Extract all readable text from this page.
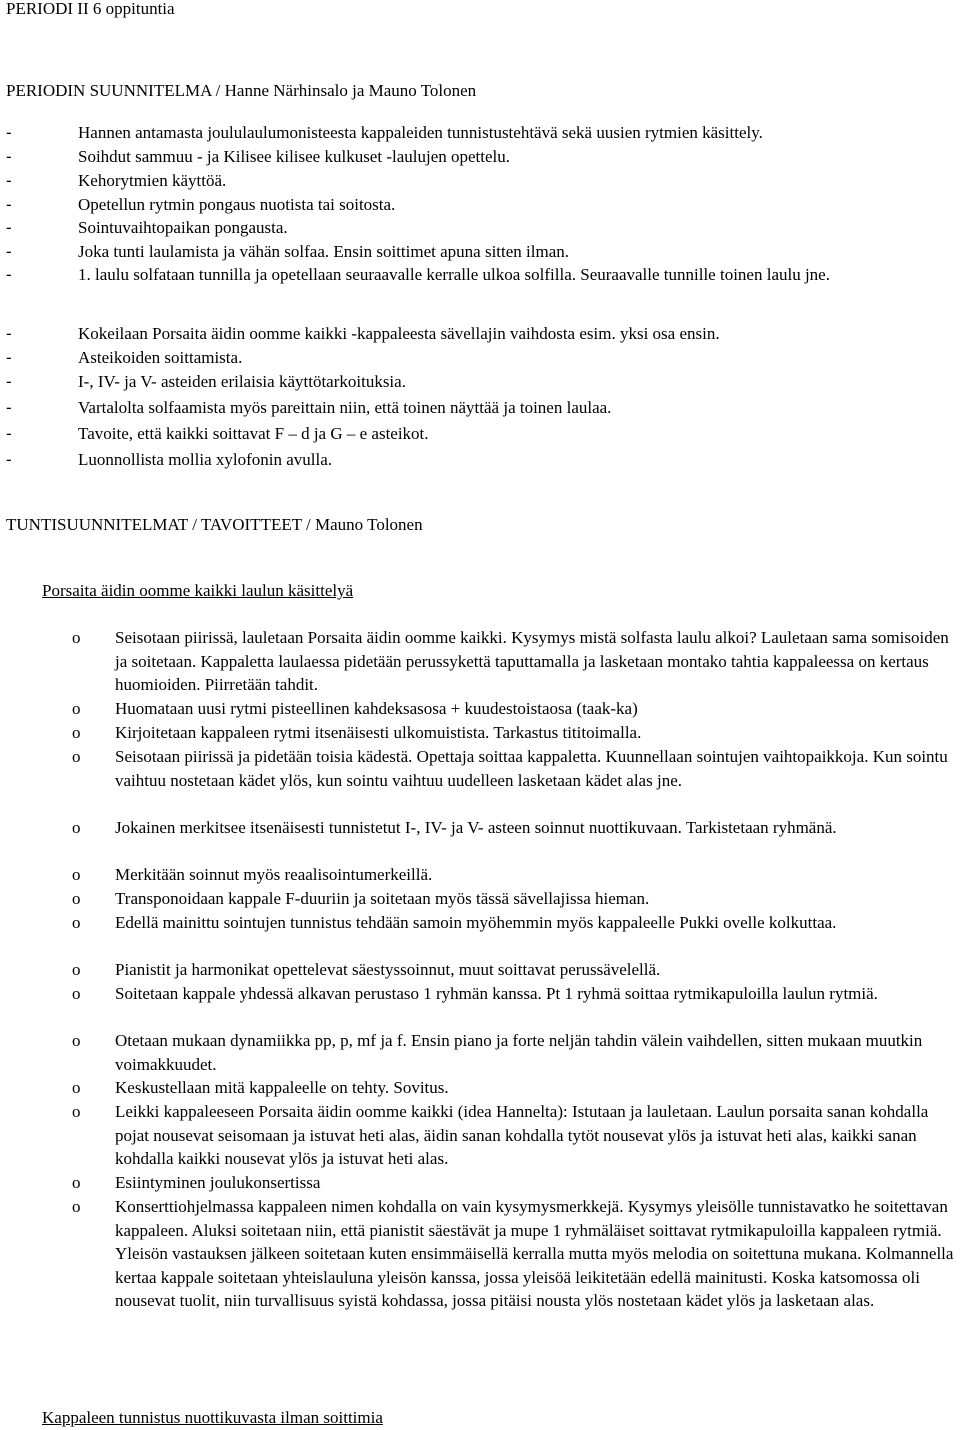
PERIODI II 6 oppituntia
PERIODIN SUUNNITELMA / Hanne Närhinsalo ja Mauno Tolonen
-	Hannen antamasta joululaulumonisteesta kappaleiden tunnistustehtävä sekä uusien rytmien käsittely.
-	Soihdut sammuu - ja Kilisee kilisee kulkuset -laulujen opettelu.
-	Kehorytmien käyttöä.
-	Opetellun rytmin pongaus nuotista tai soitosta.
-	Sointuvaihtopaikan pongausta.
-	Joka tunti laulamista ja vähän solfaa. Ensin soittimet apuna sitten ilman.
-	1. laulu solfataan tunnilla ja opetellaan seuraavalle kerralle ulkoa solfilla. Seuraavalle tunnille toinen laulu jne.
-	Kokeilaan Porsaita äidin oomme kaikki -kappaleesta sävellajin vaihdosta esim. yksi osa ensin.
-	Asteikoiden soittamista.
-	I-, IV- ja V- asteiden erilaisia käyttötarkoituksia.
-	Vartalolta solfaamista myös pareittain niin, että toinen näyttää ja toinen laulaa.
-	Tavoite, että kaikki soittavat F – d ja G – e asteikot.
-	Luonnollista mollia xylofonin avulla.
TUNTISUUNNITELMAT / TAVOITTEET / Mauno Tolonen
Porsaita äidin oomme kaikki laulun käsittelyä
o Seisotaan piirissä, lauletaan Porsaita äidin oomme kaikki. Kysymys mistä solfasta laulu alkoi? Lauletaan sama somisoiden ja soitetaan. Kappaletta laulaessa pidetään perussykettä taputtamalla ja lasketaan montako tahtia kappaleessa on kertaus huomioiden. Piirretään tahdit.
o Huomataan uusi rytmi pisteellinen kahdeksasosa + kuudestoistaosa (taak-ka)
o Kirjoitetaan kappaleen rytmi itsenäisesti ulkomuistista. Tarkastus tititoimalla.
o Seisotaan piirissä ja pidetään toisia kädestä. Opettaja soittaa kappaletta. Kuunnellaan sointujen vaihtopaikkoja. Kun sointu vaihtuu nostetaan kädet ylös, kun sointu vaihtuu uudelleen lasketaan kädet alas jne.
o Jokainen merkitsee itsenäisesti tunnistetut I-, IV- ja V- asteen soinnut nuottikuvaan. Tarkistetaan ryhmänä.
o Merkitään soinnut myös reaalisointumerkeillä.
o Transponoidaan kappale F-duuriin ja soitetaan myös tässä sävellajissa hieman.
o Edellä mainittu sointujen tunnistus tehdään samoin myöhemmin myös kappaleelle Pukki ovelle kolkuttaa.
o Pianistit ja harmonikat opettelevat säestyssoinnut, muut soittavat perussävelellä.
o Soitetaan kappale yhdessä alkavan perustaso 1 ryhmän kanssa. Pt 1 ryhmä soittaa rytmikapuloilla laulun rytmiä.
o Otetaan mukaan dynamiikka pp, p, mf ja f. Ensin piano ja forte neljän tahdin välein vaihdellen, sitten mukaan muutkin voimakkuudet.
o Keskustellaan mitä kappaleelle on tehty. Sovitus.
o Leikki kappaleeseen Porsaita äidin oomme kaikki (idea Hannelta): Istutaan ja lauletaan. Laulun porsaita sanan kohdalla pojat nousevat seisomaan ja istuvat heti alas, äidin sanan kohdalla tytöt nousevat ylös ja istuvat heti alas, kaikki sanan kohdalla kaikki nousevat ylös ja istuvat heti alas.
o Esiintyminen joulukonsertissa
o Konserttiohjelmassa kappaleen nimen kohdalla on vain kysymysmerkkejä. Kysymys yleisölle tunnistavatko he soitettavan kappaleen. Aluksi soitetaan niin, että pianistit säestävät ja mupe 1 ryhmäläiset soittavat rytmikapuloilla kappaleen rytmiä. Yleisön vastauksen jälkeen soitetaan kuten ensimmäisellä kerralla mutta myös melodia on soitettuna mukana. Kolmannella kertaa kappale soitetaan yhteislauluna yleisön kanssa, jossa yleisöä leikitetään edellä mainitusti. Koska katsomossa oli nousevat tuolit, niin turvallisuus syistä kohdassa, jossa pitäisi nousta ylös nostetaan kädet ylös ja lasketaan alas.
Kappaleen tunnistus nuottikuvasta ilman soittimia
